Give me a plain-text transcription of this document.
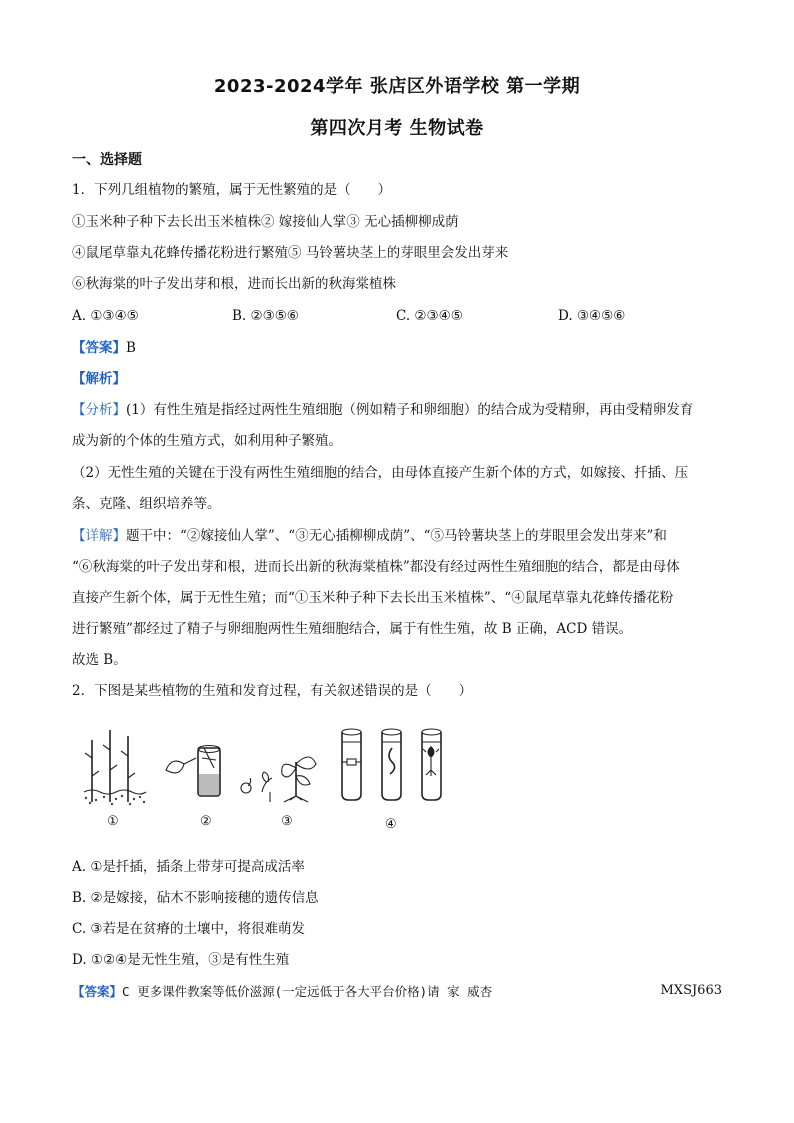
2023-2024学年 张店区外语学校 第一学期
第四次月考 生物试卷
一、选择题
1．下列几组植物的繁殖，属于无性繁殖的是（　　）
①玉米种子种下去长出玉米植株② 嫁接仙人掌③ 无心插柳柳成荫
④鼠尾草靠丸花蜂传播花粉进行繁殖⑤ 马铃薯块茎上的芽眼里会发出芽来
⑥秋海棠的叶子发出芽和根，进而长出新的秋海棠植株
A. ①③④⑤	B. ②③⑤⑥	C. ②③④⑤	D. ③④⑤⑥
【答案】B
【解析】
【分析】(1）有性生殖是指经过两性生殖细胞（例如精子和卵细胞）的结合成为受精卵，再由受精卵发育
成为新的个体的生殖方式，如利用种子繁殖。
（2）无性生殖的关键在于没有两性生殖细胞的结合，由母体直接产生新个体的方式，如嫁接、扦插、压
条、克隆、组织培养等。
【详解】题干中：“②嫁接仙人掌”、“③无心插柳柳成荫”、“⑤马铃薯块茎上的芽眼里会发出芽来”和
“⑥秋海棠的叶子发出芽和根，进而长出新的秋海棠植株”都没有经过两性生殖细胞的结合，都是由母体
直接产生新个体，属于无性生殖；而“①玉米种子种下去长出玉米植株”、“④鼠尾草靠丸花蜂传播花粉
进行繁殖”都经过了精子与卵细胞两性生殖细胞结合，属于有性生殖，故 B 正确，ACD 错误。
故选 B。
2．下图是某些植物的生殖和发育过程，有关叙述错误的是（　　）
①	②	③	④
A. ①是扦插，插条上带芽可提高成活率
B. ②是嫁接，砧木不影响接穗的遗传信息
C. ③若是在贫瘠的土壤中，将很难萌发
D. ①②④是无性生殖，③是有性生殖
【答案】C 更多课件教案等低价滋源(一定远低于各大平台价格)请 家 威杏	MXSJ663
